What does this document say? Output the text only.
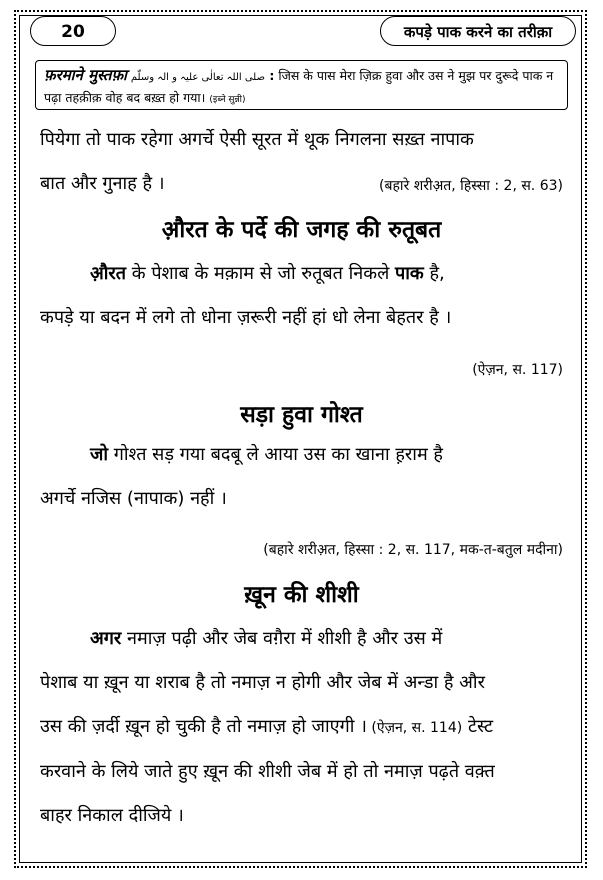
20	कपड़े पाक करने का तरीक़ा
फ़रमाने मुस्तफ़ा صلی اللہ تعالٰی علیہ و الہ وسلّم : जिस के पास मेरा ज़िक्र हुवा और उस ने मुझ पर दुरूदे पाक न पढ़ा तहक़ीक़ वोह बद बख़्त हो गया। (इब्ने सुन्नी)

पियेगा तो पाक रहेगा अगर्चे ऐसी सूरत में थूक निगलना सख़्त नापाक

बात और गुनाह है ।	(बहारे शरीअ़त, हिस्सा : 2, स. 63)
औ़रत के पर्दे की जगह की रुतूबत

औ़रत के पेशाब के मक़ाम से जो रुतूबत निकले पाक है,

कपड़े या बदन में लगे तो धोना ज़रूरी नहीं हां धो लेना बेहतर है ।

(ऐज़न, स. 117)
सड़ा हुवा गोश्त

जो गोश्त सड़ गया बदबू ले आया उस का खाना ह़राम है

अगर्चे नजिस (नापाक) नहीं ।

(बहारे शरीअ़त, हिस्सा : 2, स. 117, मक-त-बतुल मदीना)
ख़ून की शीशी

अगर नमाज़ पढ़ी और जेब वग़ैरा में शीशी है और उस में

पेशाब या ख़ून या शराब है तो नमाज़ न होगी और जेब में अन्डा है और

उस की ज़र्दी ख़ून हो चुकी है तो नमाज़ हो जाएगी । (ऐज़न, स. 114) टेस्ट

करवाने के लिये जाते हुए ख़ून की शीशी जेब में हो तो नमाज़ पढ़ते वक़्त

बाहर निकाल दीजिये ।
